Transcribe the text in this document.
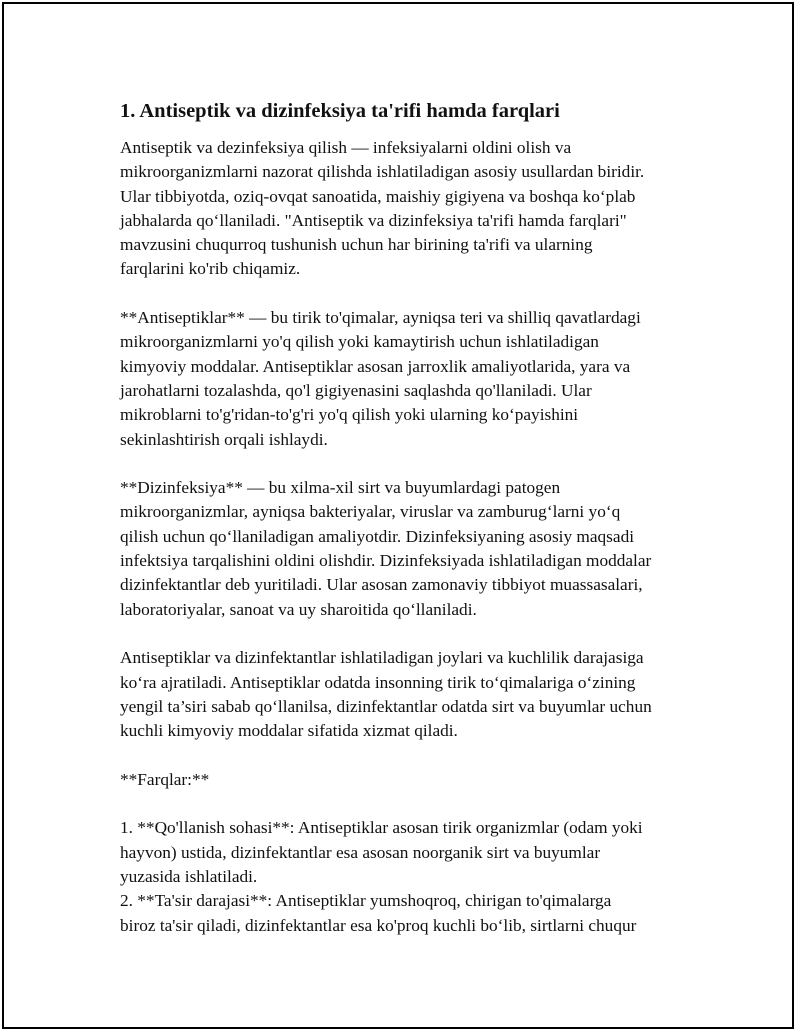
1. Antiseptik va dizinfeksiya ta'rifi hamda farqlari

Antiseptik va dezinfeksiya qilish — infeksiyalarni oldini olish va
mikroorganizmlarni nazorat qilishda ishlatiladigan asosiy usullardan biridir.
Ular tibbiyotda, oziq-ovqat sanoatida, maishiy gigiyena va boshqa ko‘plab
jabhalarda qo‘llaniladi. "Antiseptik va dizinfeksiya ta'rifi hamda farqlari"
mavzusini chuqurroq tushunish uchun har birining ta'rifi va ularning
farqlarini ko'rib chiqamiz.

**Antiseptiklar** — bu tirik to'qimalar, ayniqsa teri va shilliq qavatlardagi
mikroorganizmlarni yo'q qilish yoki kamaytirish uchun ishlatiladigan
kimyoviy moddalar. Antiseptiklar asosan jarroxlik amaliyotlarida, yara va
jarohatlarni tozalashda, qo'l gigiyenasini saqlashda qo'llaniladi. Ular
mikroblarni to'g'ridan-to'g'ri yo'q qilish yoki ularning ko‘payishini
sekinlashtirish orqali ishlaydi.

**Dizinfeksiya** — bu xilma-xil sirt va buyumlardagi patogen
mikroorganizmlar, ayniqsa bakteriyalar, viruslar va zamburug‘larni yo‘q
qilish uchun qo‘llaniladigan amaliyotdir. Dizinfeksiyaning asosiy maqsadi
infektsiya tarqalishini oldini olishdir. Dizinfeksiyada ishlatiladigan moddalar
dizinfektantlar deb yuritiladi. Ular asosan zamonaviy tibbiyot muassasalari,
laboratoriyalar, sanoat va uy sharoitida qo‘llaniladi.

Antiseptiklar va dizinfektantlar ishlatiladigan joylari va kuchlilik darajasiga
ko‘ra ajratiladi. Antiseptiklar odatda insonning tirik to‘qimalariga o‘zining
yengil ta’siri sabab qo‘llanilsa, dizinfektantlar odatda sirt va buyumlar uchun
kuchli kimyoviy moddalar sifatida xizmat qiladi.

**Farqlar:**

1. **Qo'llanish sohasi**: Antiseptiklar asosan tirik organizmlar (odam yoki
hayvon) ustida, dizinfektantlar esa asosan noorganik sirt va buyumlar
yuzasida ishlatiladi.
2. **Ta'sir darajasi**: Antiseptiklar yumshoqroq, chirigan to'qimalarga
biroz ta'sir qiladi, dizinfektantlar esa ko'proq kuchli bo‘lib, sirtlarni chuqur
